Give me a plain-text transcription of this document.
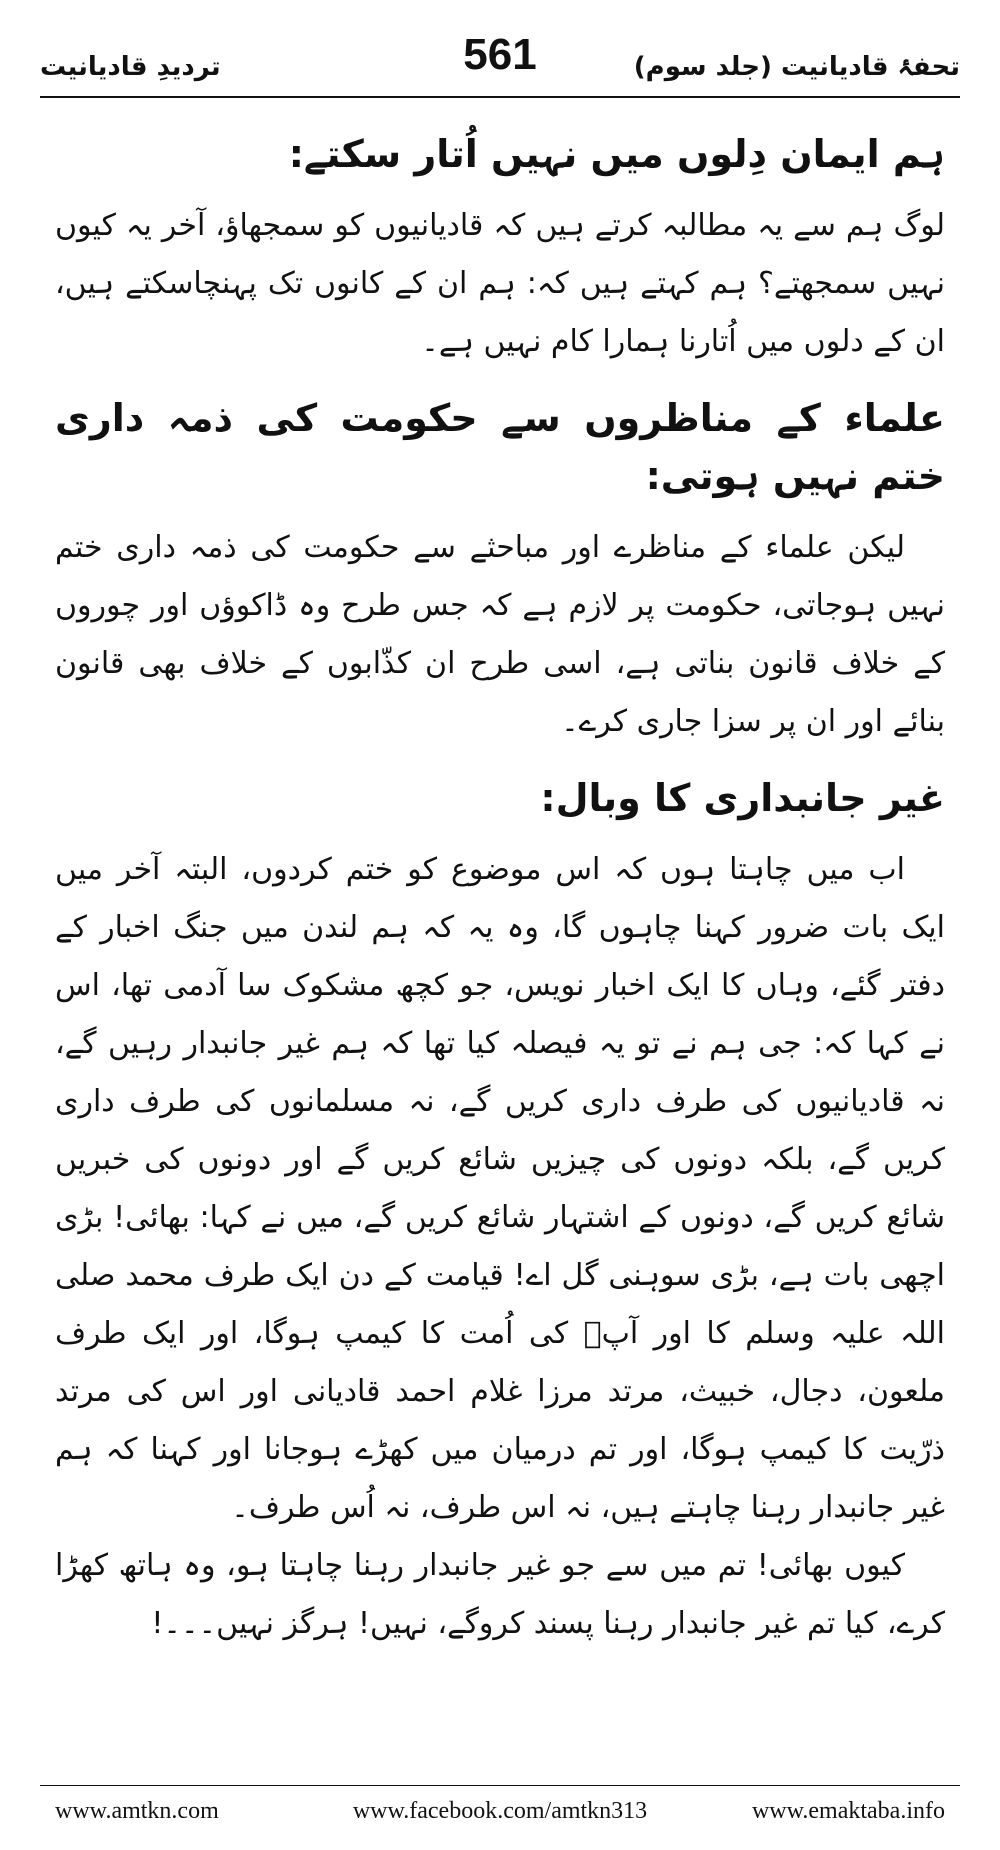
تردیدِ قادیانیت	561	تحفۂ قادیانیت (جلد سوم)
ہم ایمان دِلوں میں نہیں اُتار سکتے:

لوگ ہم سے یہ مطالبہ کرتے ہیں کہ قادیانیوں کو سمجھاؤ، آخر یہ کیوں نہیں سمجھتے؟ ہم کہتے ہیں کہ: ہم ان کے کانوں تک پہنچاسکتے ہیں، ان کے دلوں میں اُتارنا ہمارا کام نہیں ہے۔

علماء کے مناظروں سے حکومت کی ذمہ داری ختم نہیں ہوتی:

لیکن علماء کے مناظرے اور مباحثے سے حکومت کی ذمہ داری ختم نہیں ہوجاتی، حکومت پر لازم ہے کہ جس طرح وہ ڈاکوؤں اور چوروں کے خلاف قانون بناتی ہے، اسی طرح ان کذّابوں کے خلاف بھی قانون بنائے اور ان پر سزا جاری کرے۔

غیر جانبداری کا وبال:

اب میں چاہتا ہوں کہ اس موضوع کو ختم کردوں، البتہ آخر میں ایک بات ضرور کہنا چاہوں گا، وہ یہ کہ ہم لندن میں جنگ اخبار کے دفتر گئے، وہاں کا ایک اخبار نویس، جو کچھ مشکوک سا آدمی تھا، اس نے کہا کہ: جی ہم نے تو یہ فیصلہ کیا تھا کہ ہم غیر جانبدار رہیں گے، نہ قادیانیوں کی طرف داری کریں گے، نہ مسلمانوں کی طرف داری کریں گے، بلکہ دونوں کی چیزیں شائع کریں گے اور دونوں کی خبریں شائع کریں گے، دونوں کے اشتہار شائع کریں گے، میں نے کہا: بھائی! بڑی اچھی بات ہے، بڑی سوہنی گل اے! قیامت کے دن ایک طرف محمد صلی اللہ علیہ وسلم کا اور آپؐ کی اُمت کا کیمپ ہوگا، اور ایک طرف ملعون، دجال، خبیث، مرتد مرزا غلام احمد قادیانی اور اس کی مرتد ذرّیت کا کیمپ ہوگا، اور تم درمیان میں کھڑے ہوجانا اور کہنا کہ ہم غیر جانبدار رہنا چاہتے ہیں، نہ اس طرف، نہ اُس طرف۔

کیوں بھائی! تم میں سے جو غیر جانبدار رہنا چاہتا ہو، وہ ہاتھ کھڑا کرے، کیا تم غیر جانبدار رہنا پسند کروگے، نہیں! ہرگز نہیں۔۔۔!

www.amtkn.com	www.facebook.com/amtkn313	www.emaktaba.info
